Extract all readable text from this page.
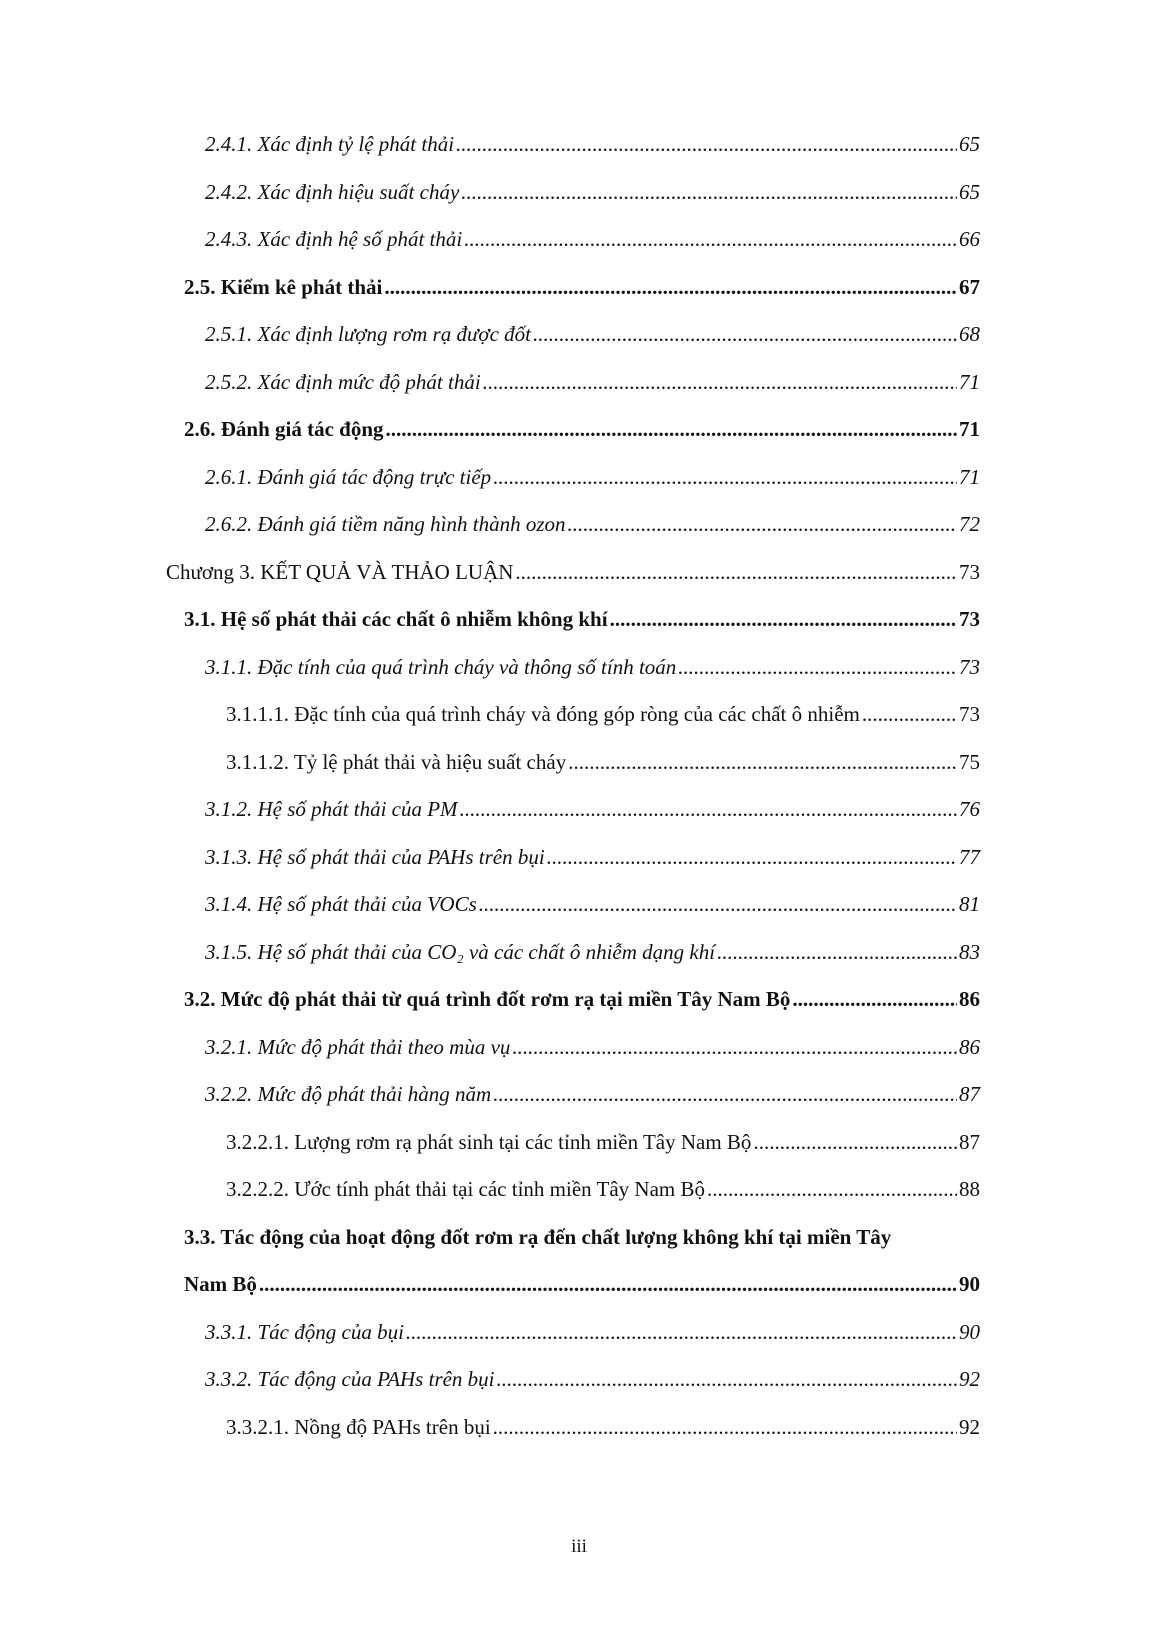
2.4.1. Xác định tỷ lệ phát thải .....	65
2.4.2. Xác định hiệu suất cháy .....	65
2.4.3. Xác định hệ số phát thải .....	66
2.5. Kiểm kê phát thải .....	67
2.5.1. Xác định lượng rơm rạ được đốt .....	68
2.5.2. Xác định mức độ phát thải .....	71
2.6. Đánh giá tác động .....	71
2.6.1. Đánh giá tác động trực tiếp .....	71
2.6.2. Đánh giá tiềm năng hình thành ozon .....	72
Chương 3. KẾT QUẢ VÀ THẢO LUẬN .....	73
3.1. Hệ số phát thải các chất ô nhiễm không khí .....	73
3.1.1. Đặc tính của quá trình cháy và thông số tính toán .....	73
3.1.1.1. Đặc tính của quá trình cháy và đóng góp ròng của các chất ô nhiễm .....	73
3.1.1.2. Tỷ lệ phát thải và hiệu suất cháy .....	75
3.1.2. Hệ số phát thải của PM .....	76
3.1.3. Hệ số phát thải của PAHs trên bụi .....	77
3.1.4. Hệ số phát thải của VOCs .....	81
3.1.5. Hệ số phát thải của CO₂ và các chất ô nhiễm dạng khí .....	83
3.2. Mức độ phát thải từ quá trình đốt rơm rạ tại miền Tây Nam Bộ .....	86
3.2.1. Mức độ phát thải theo mùa vụ .....	86
3.2.2. Mức độ phát thải hàng năm .....	87
3.2.2.1. Lượng rơm rạ phát sinh tại các tỉnh miền Tây Nam Bộ .....	87
3.2.2.2. Ước tính phát thải tại các tỉnh miền Tây Nam Bộ .....	88
3.3. Tác động của hoạt động đốt rơm rạ đến chất lượng không khí tại miền Tây
Nam Bộ .....	90
3.3.1. Tác động của bụi .....	90
3.3.2. Tác động của PAHs trên bụi .....	92
3.3.2.1. Nồng độ PAHs trên bụi .....	92
iii
